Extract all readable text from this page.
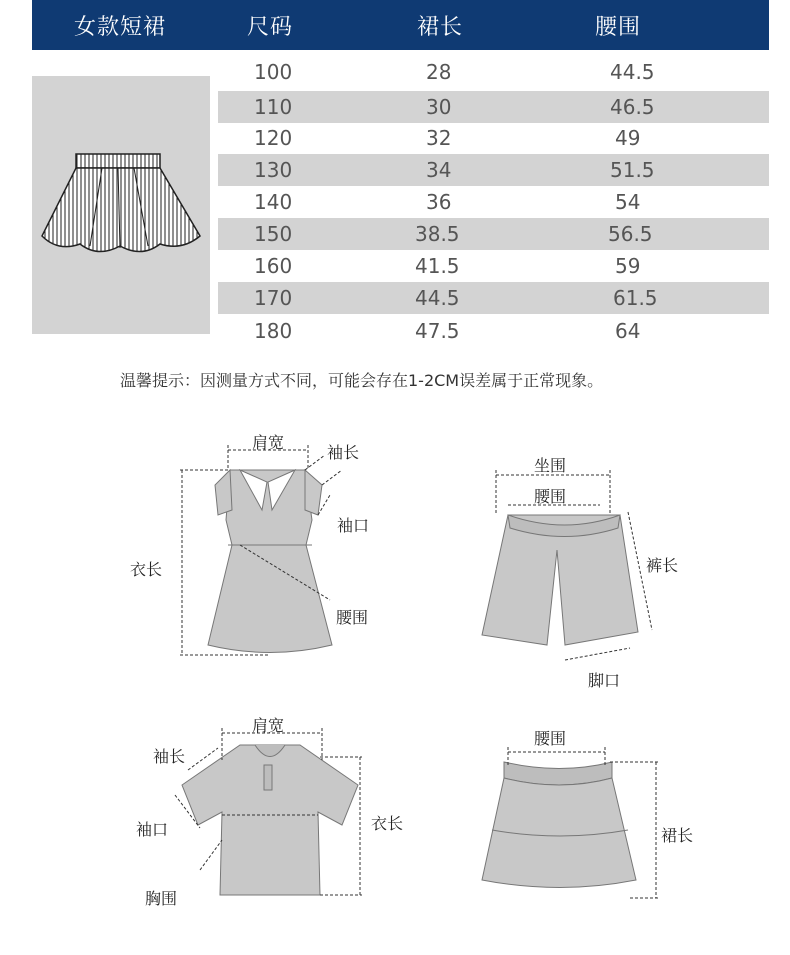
女款短裙	尺码	裙长	腰围
100	28	44.5
110	30	46.5
120	32	49
130	34	51.5
140	36	54
150	38.5	56.5
160	41.5	59
170	44.5	61.5
180	47.5	64
温馨提示：因测量方式不同，可能会存在1-2CM误差属于正常现象。
肩宽
袖长
袖口
衣长
腰围
坐围
腰围
裤长
脚口
肩宽
袖长
袖口	衣长
胸围
腰围
裙长
